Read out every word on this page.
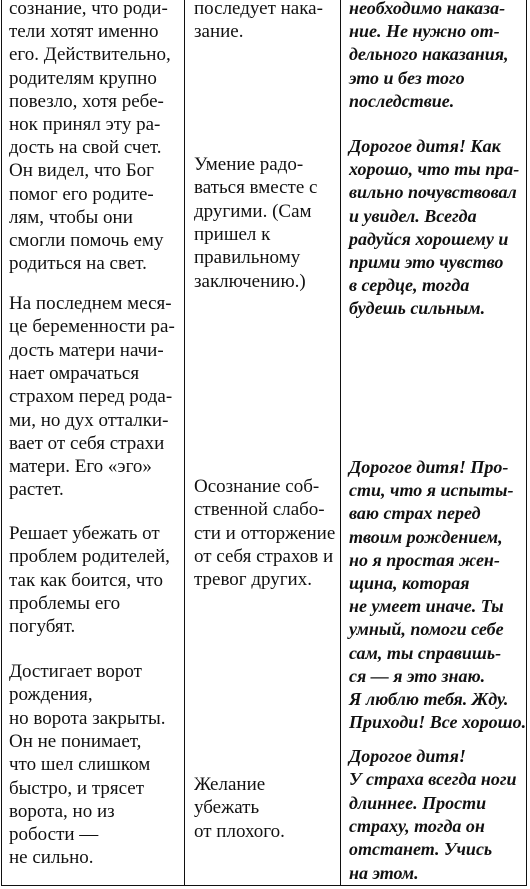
сознание, что роди-
тели хотят именно
его. Действительно,
родителям крупно
повезло, хотя ребе-
нок принял эту ра-
дость на свой счет.
Он видел, что Бог
помог его родите-
лям, чтобы они
смогли помочь ему
родиться на свет.
На последнем меся-
це беременности ра-
дость матери начи-
нает омрачаться
страхом перед рода-
ми, но дух отталки-
вает от себя страхи
матери. Его «эго»
растет.
Решает убежать от
проблем родителей,
так как боится, что
проблемы его
погубят.
Достигает ворот
рождения,
но ворота закрыты.
Он не понимает,
что шел слишком
быстро, и трясет
ворота, но из
робости —
не сильно.
последует нака-
зание.
Умение радо-
ваться вместе с
другими. (Сам
пришел к
правильному
заключению.)
Осознание соб-
ственной слабо-
сти и отторжение
от себя страхов и
тревог других.
Желание
убежать
от плохого.
необходимо наказа-
ние. Не нужно от-
дельного наказания,
это и без того
последствие.
Дорогое дитя! Как
хорошо, что ты пра-
вильно почувствовал
и увидел. Всегда
радуйся хорошему и
прими это чувство
в сердце, тогда
будешь сильным.
Дорогое дитя! Про-
сти, что я испыты-
ваю страх перед
твоим рождением,
но я простая жен-
щина, которая
не умеет иначе. Ты
умный, помоги себе
сам, ты справишь-
ся — я это знаю.
Я люблю тебя. Жду.
Приходи! Все хорошо.
Дорогое дитя!
У страха всегда ноги
длиннее. Прости
страху, тогда он
отстанет. Учись
на этом.
